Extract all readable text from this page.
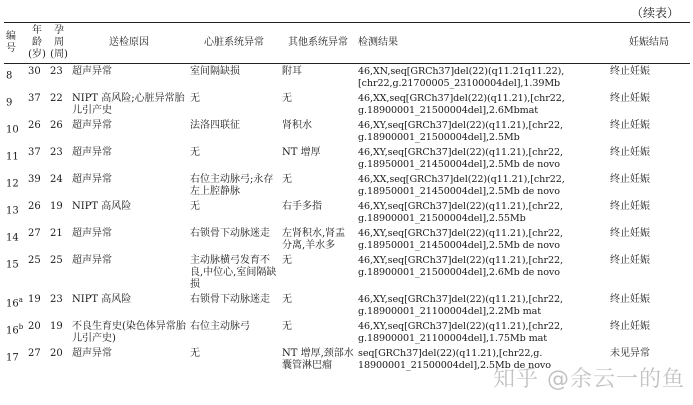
（续表）
编号	年龄(岁)	孕周(周)	送检原因	心脏系统异常	其他系统异常	检测结果	妊娠结局
8	30	23	超声异常	室间隔缺损	附耳	46,XN,seq[GRCh37]del(22)(q11.21q11.22),
[chr22,g.21700005_23100004del],1.39Mb	终止妊娠
9	37	22	NIPT 高风险;心脏异常胎儿引产史	无	无	46,XX,seq[GRCh37]del(22)(q11.21),[chr22,
g.18900001_21500004del],2.6Mbmat	终止妊娠
10	26	26	超声异常	法洛四联征	肾积水	46,XY,seq[GRCh37]del(22)(q11.21),[chr22,
g.18900001_21500004del],2.5Mb	终止妊娠
11	37	23	超声异常	无	NT 增厚	46,XY,seq[GRCh37]del(22)(q11.21),[chr22,
g.18950001_21450004del],2.5Mb de novo	终止妊娠
12	39	24	超声异常	右位主动脉弓;永存左上腔静脉	无	46,XX,seq[GRCh37]del(22)(q11.21),[chr22,
g.18950001_21450004del],2.5Mb de novo	终止妊娠
13	26	19	NIPT 高风险	无	右手多指	46,XY,seq[GRCh37]del(22)(q11.21),[chr22,
g.18900001_21500004del],2.55Mb	终止妊娠
14	27	21	超声异常	右锁骨下动脉迷走	左肾积水,肾盂分离,羊水多	46,XY,seq[GRCh37]del(22)(q11.21),[chr22,
g.18950001_21450004del],2.5Mb de novo	终止妊娠
15	25	25	超声异常	主动脉横弓发育不良,中位心,室间隔缺损	无	46,XY,seq[GRCh37]del(22)(q11.21),[chr22,
g.18900001_21500004del],2.6Mb de novo	终止妊娠
16$^a$	19	23	NIPT 高风险	右锁骨下动脉迷走	无	46,XY,seq[GRCh37]del(22)(q11.21),[chr22,
g.18900001_21100004del],2.2Mb mat	终止妊娠
16$^b$	20	19	不良生育史(染色体异常胎儿引产史)	右位主动脉弓	无	46,XY,seq[GRCh37]del(22)(q11.21),[chr22,
g.18900001_21100004del],1.75Mb mat	终止妊娠
17	27	20	超声异常	无	NT 增厚,颈部水囊管淋巴瘤	seq[GRCh37]del(22)(q11.21),[chr22,g.
18900001_21500004del],2.5Mb de novo	未见异常
知乎 @余云一的鱼
